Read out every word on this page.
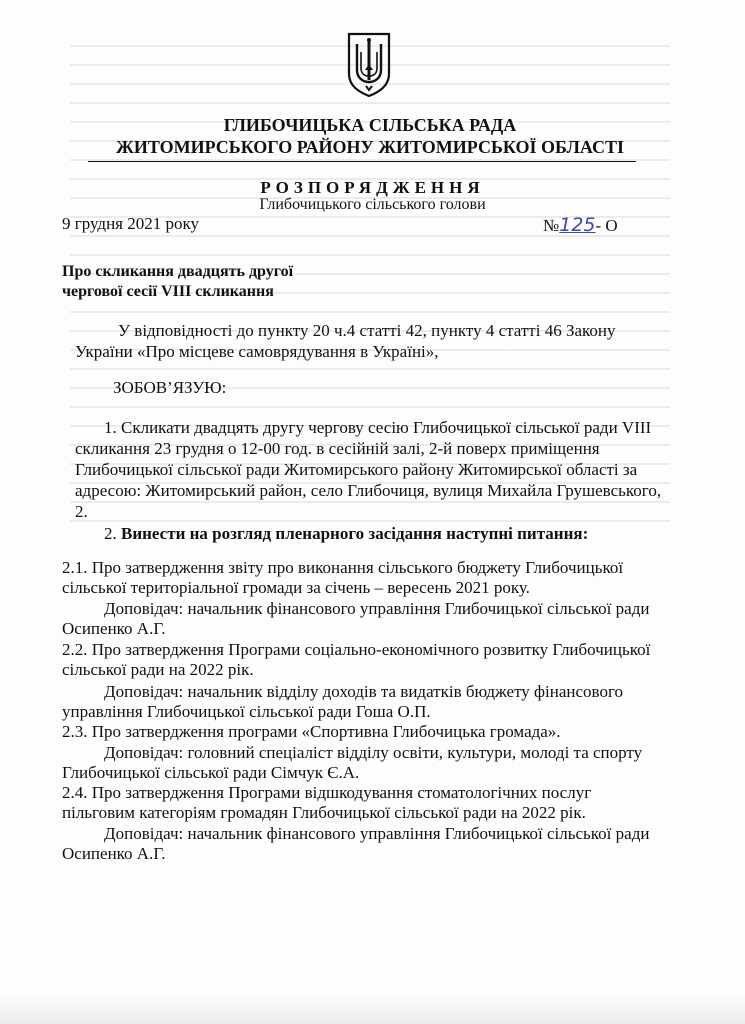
ГЛИБОЧИЦЬКА СІЛЬСЬКА РАДА
ЖИТОМИРСЬКОГО РАЙОНУ ЖИТОМИРСЬКОЇ ОБЛАСТІ
РОЗПОРЯДЖЕННЯ
Глибочицького сільського голови
9 грудня 2021 року	№125- О
Про скликання двадцять другої
чергової сесії VIII скликання
У відповідності до пункту 20 ч.4 статті 42, пункту 4 статті 46 Закону
України «Про місцеве самоврядування в Україні»,
ЗОБОВ’ЯЗУЮ:
1. Скликати двадцять другу чергову сесію Глибочицької сільської ради VIII
скликання 23 грудня о 12-00 год. в сесійній залі, 2-й поверх приміщення
Глибочицької сільської ради Житомирського району Житомирської області за
адресою: Житомирський район, село Глибочиця, вулиця Михайла Грушевського,
2.
2. Винести на розгляд пленарного засідання наступні питання:
2.1. Про затвердження звіту про виконання сільського бюджету Глибочицької
сільської територіальної громади за січень – вересень 2021 року.
Доповідач: начальник фінансового управління Глибочицької сільської ради
Осипенко А.Г.
2.2. Про затвердження Програми соціально-економічного розвитку Глибочицької
сільської ради на 2022 рік.
Доповідач: начальник відділу доходів та видатків бюджету фінансового
управління Глибочицької сільської ради Гоша О.П.
2.3. Про затвердження програми «Спортивна Глибочицька громада».
Доповідач: головний спеціаліст відділу освіти, культури, молоді та спорту
Глибочицької сільської ради Сімчук Є.А.
2.4. Про затвердження Програми відшкодування стоматологічних послуг
пільговим категоріям громадян Глибочицької сільської ради на 2022 рік.
Доповідач: начальник фінансового управління Глибочицької сільської ради
Осипенко А.Г.
